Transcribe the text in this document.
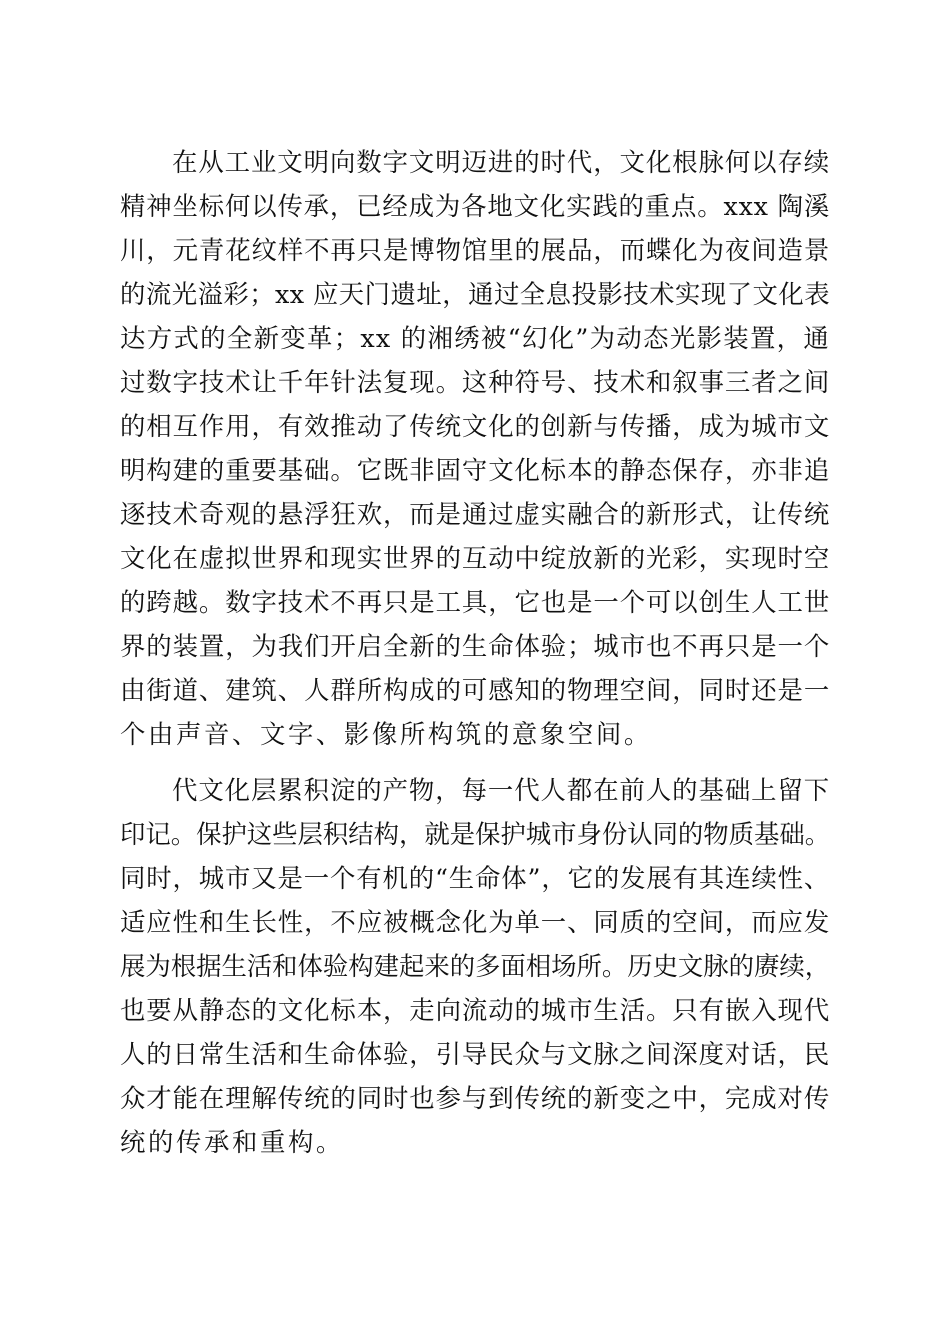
在从工业文明向数字文明迈进的时代，文化根脉何以存续
精神坐标何以传承，已经成为各地文化实践的重点。xxx 陶溪
川，元青花纹样不再只是博物馆里的展品，而蝶化为夜间造景
的流光溢彩；xx 应天门遗址，通过全息投影技术实现了文化表
达方式的全新变革；xx 的湘绣被“幻化”为动态光影装置，通
过数字技术让千年针法复现。这种符号、技术和叙事三者之间
的相互作用，有效推动了传统文化的创新与传播，成为城市文
明构建的重要基础。它既非固守文化标本的静态保存，亦非追
逐技术奇观的悬浮狂欢，而是通过虚实融合的新形式，让传统
文化在虚拟世界和现实世界的互动中绽放新的光彩，实现时空
的跨越。数字技术不再只是工具，它也是一个可以创生人工世
界的装置，为我们开启全新的生命体验；城市也不再只是一个
由街道、建筑、人群所构成的可感知的物理空间，同时还是一
个由声音、文字、影像所构筑的意象空间。
代文化层累积淀的产物，每一代人都在前人的基础上留下
印记。保护这些层积结构，就是保护城市身份认同的物质基础。
同时，城市又是一个有机的“生命体”，它的发展有其连续性、
适应性和生长性，不应被概念化为单一、同质的空间，而应发
展为根据生活和体验构建起来的多面相场所。历史文脉的赓续，
也要从静态的文化标本，走向流动的城市生活。只有嵌入现代
人的日常生活和生命体验，引导民众与文脉之间深度对话，民
众才能在理解传统的同时也参与到传统的新变之中，完成对传
统的传承和重构。
